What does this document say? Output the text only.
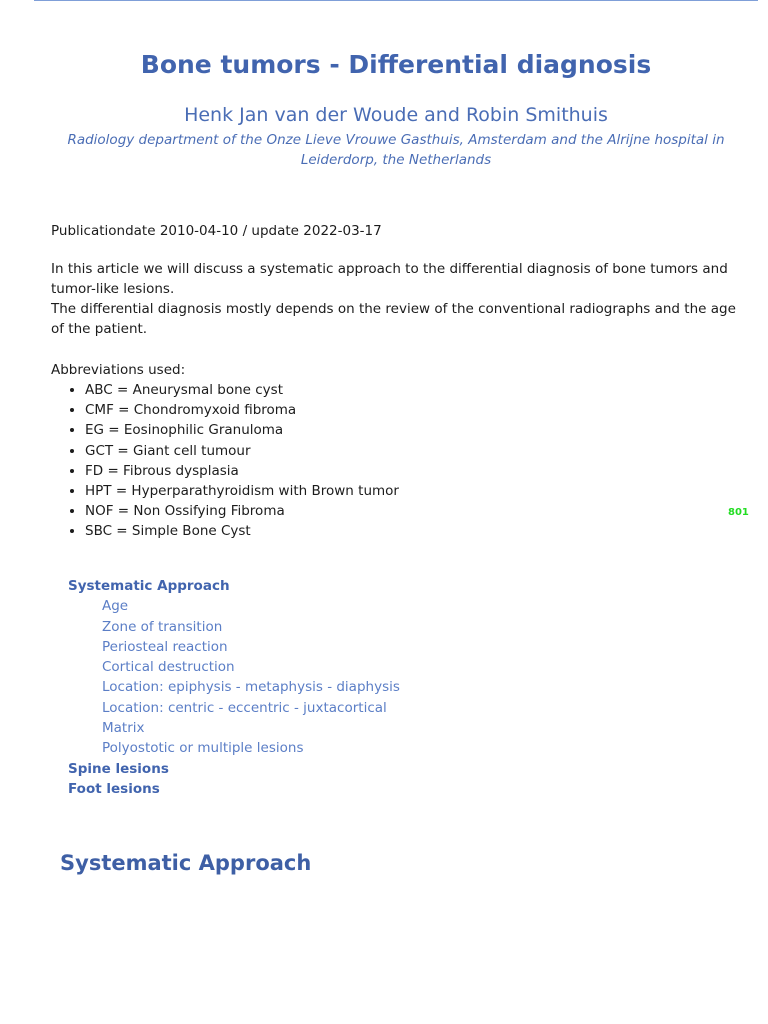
Bone tumors - Differential diagnosis
Henk Jan van der Woude and Robin Smithuis
Radiology department of the Onze Lieve Vrouwe Gasthuis, Amsterdam and the Alrijne hospital in Leiderdorp, the Netherlands
Publicationdate 2010-04-10 / update 2022-03-17
In this article we will discuss a systematic approach to the differential diagnosis of bone tumors and tumor-like lesions.
The differential diagnosis mostly depends on the review of the conventional radiographs and the age of the patient.
Abbreviations used:
• ABC = Aneurysmal bone cyst
• CMF = Chondromyxoid fibroma
• EG = Eosinophilic Granuloma
• GCT = Giant cell tumour
• FD = Fibrous dysplasia
• HPT = Hyperparathyroidism with Brown tumor
• NOF = Non Ossifying Fibroma
• SBC = Simple Bone Cyst
801
Systematic Approach
Age
Zone of transition
Periosteal reaction
Cortical destruction
Location: epiphysis - metaphysis - diaphysis
Location: centric - eccentric - juxtacortical
Matrix
Polyostotic or multiple lesions
Spine lesions
Foot lesions
Systematic Approach
